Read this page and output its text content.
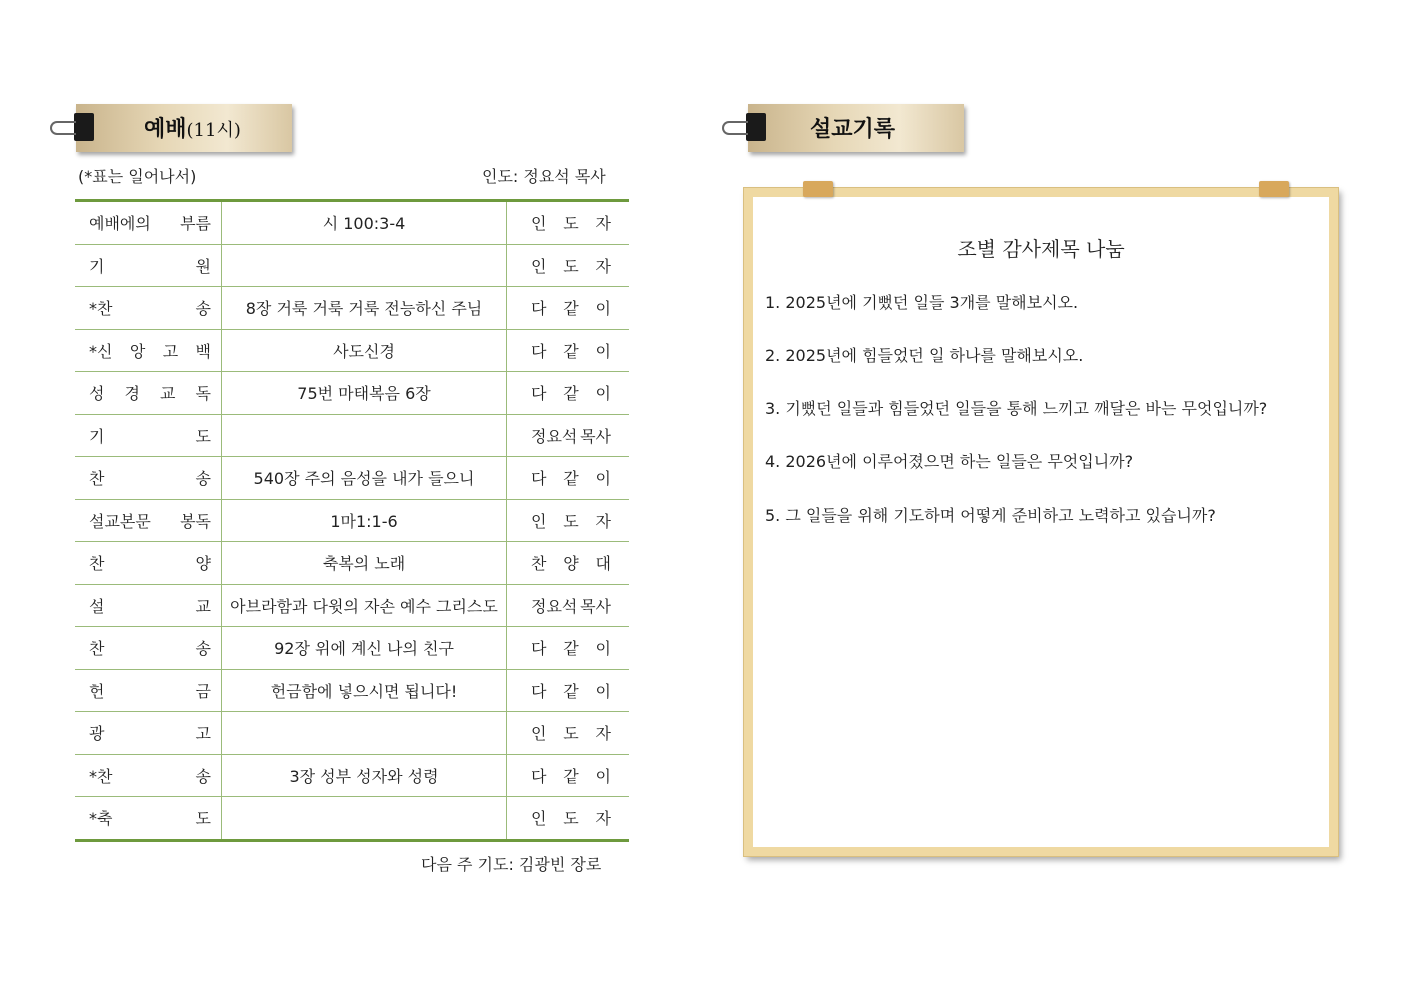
예배(11시)
(*표는 일어나서)	인도: 정요석 목사
예배에의 부름	시 100:3-4	인 도 자

기 원		인 도 자

*찬 송	8장 거룩 거룩 거룩 전능하신 주님	다 같 이

*신 앙 고 백	사도신경	다 같 이

성 경 교 독	75번 마태복음 6장	다 같 이

기 도		정요석 목사

찬 송	540장 주의 음성을 내가 들으니	다 같 이

설교본문 봉독	1마1:1-6	인 도 자

찬 양	축복의 노래	찬 양 대

설 교	아브라함과 다윗의 자손 예수 그리스도	정요석 목사

찬 송	92장 위에 계신 나의 친구	다 같 이

헌 금	헌금함에 넣으시면 됩니다!	다 같 이

광 고		인 도 자

*찬 송	3장 성부 성자와 성령	다 같 이

*축 도		인 도 자
다음 주 기도: 김광빈 장로
설교기록
조별 감사제목 나눔
1. 2025년에 기뻤던 일들 3개를 말해보시오.
2. 2025년에 힘들었던 일 하나를 말해보시오.
3. 기뻤던 일들과 힘들었던 일들을 통해 느끼고 깨달은 바는 무엇입니까?
4. 2026년에 이루어졌으면 하는 일들은 무엇입니까?
5. 그 일들을 위해 기도하며 어떻게 준비하고 노력하고 있습니까?
